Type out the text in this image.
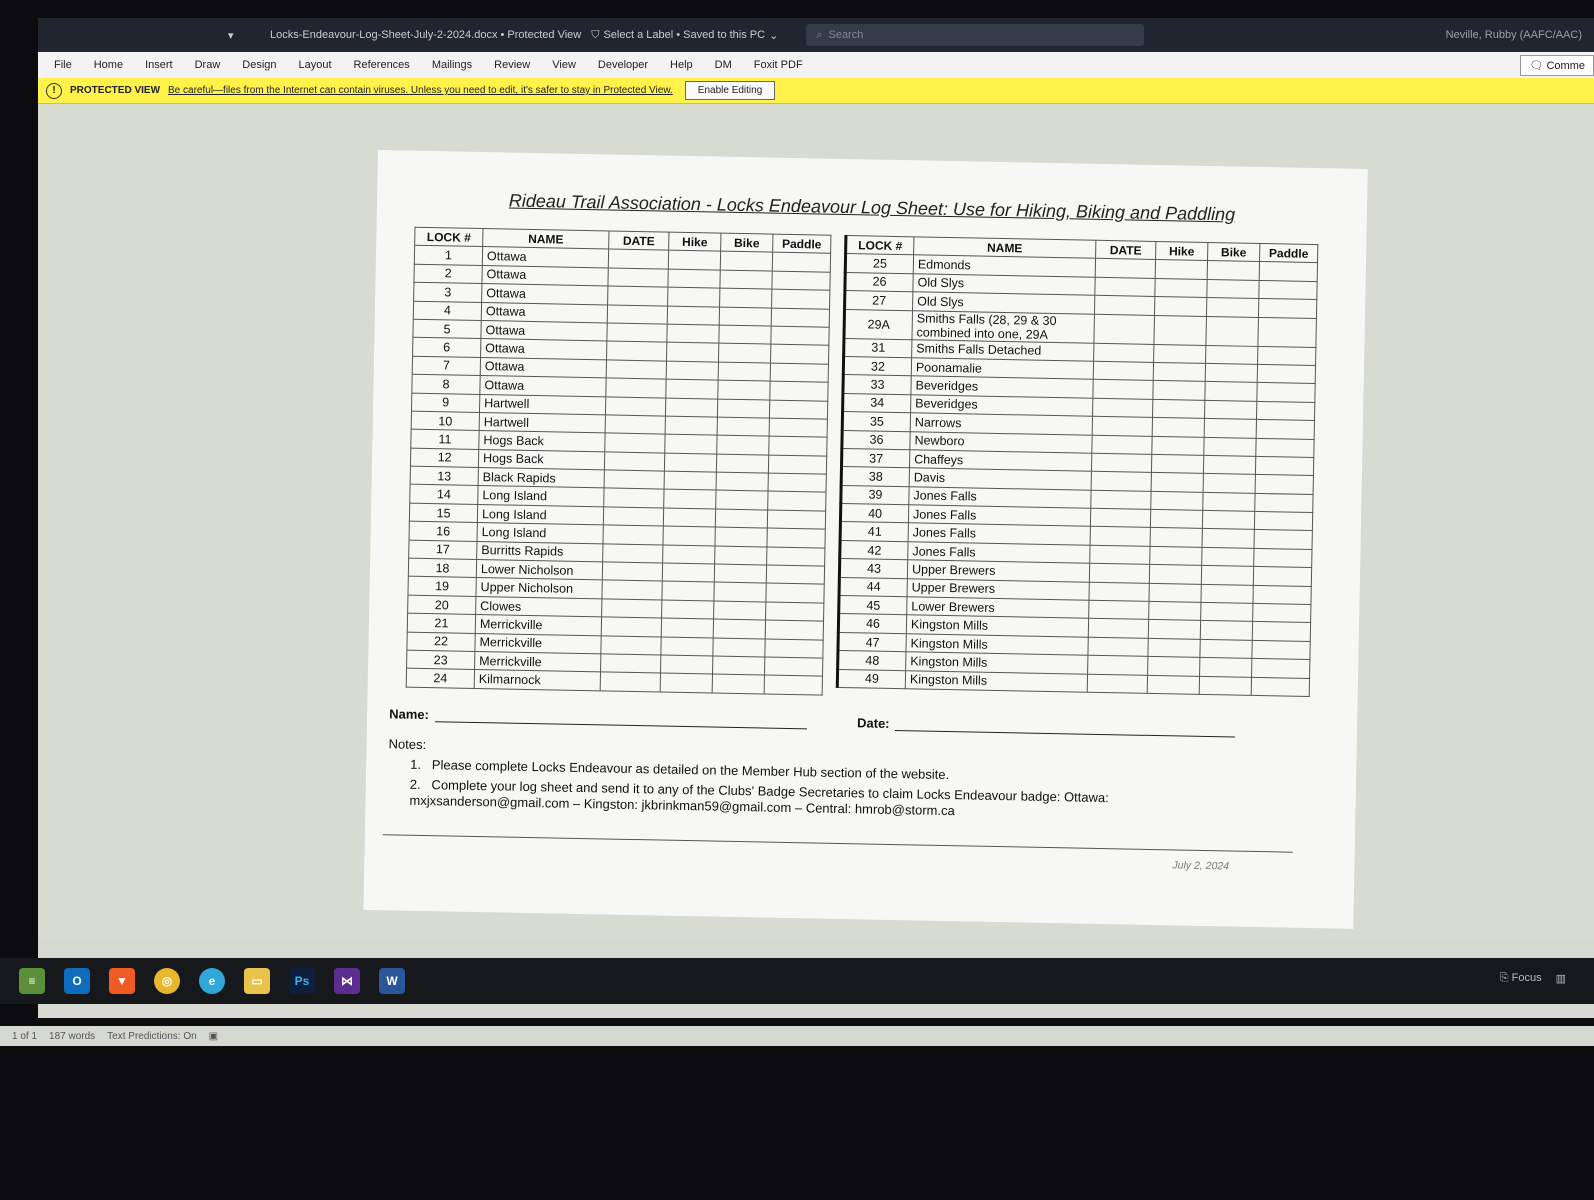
▾	Locks-Endeavour-Log-Sheet-July-2-2024.docx • Protected View ⛉ Select a Label • Saved to this PC ⌄	⌕ Search	Neville, Rubby (AAFC/AAC)
File Home Insert Draw Design Layout References Mailings Review View Developer Help DM Foxit PDF	🗨 Comme
!	PROTECTED VIEW Be careful—files from the Internet can contain viruses. Unless you need to edit, it's safer to stay in Protected View.	Enable Editing
Rideau Trail Association - Locks Endeavour Log Sheet: Use for Hiking, Biking and Paddling
LOCK #	NAME	DATE	Hike	Bike	Paddle
1	Ottawa				
2	Ottawa				
3	Ottawa				
4	Ottawa				
5	Ottawa				
6	Ottawa				
7	Ottawa				
8	Ottawa				
9	Hartwell				
10	Hartwell				
11	Hogs Back				
12	Hogs Back				
13	Black Rapids				
14	Long Island				
15	Long Island				
16	Long Island				
17	Burritts Rapids				
18	Lower Nicholson				
19	Upper Nicholson				
20	Clowes				
21	Merrickville				
22	Merrickville				
23	Merrickville				
24	Kilmarnock				
LOCK #	NAME	DATE	Hike	Bike	Paddle
25	Edmonds				
26	Old Slys				
27	Old Slys				
29A	Smiths Falls (28, 29 & 30 combined into one, 29A				
31	Smiths Falls Detached				
32	Poonamalie				
33	Beveridges				
34	Beveridges				
35	Narrows				
36	Newboro				
37	Chaffeys				
38	Davis				
39	Jones Falls				
40	Jones Falls				
41	Jones Falls				
42	Jones Falls				
43	Upper Brewers				
44	Upper Brewers				
45	Lower Brewers				
46	Kingston Mills				
47	Kingston Mills				
48	Kingston Mills				
49	Kingston Mills				
Name:
Date:
Notes:
1.   Please complete Locks Endeavour as detailed on the Member Hub section of the website.
2.   Complete your log sheet and send it to any of the Clubs' Badge Secretaries to claim Locks Endeavour badge: Ottawa: mxjxsanderson@gmail.com – Kingston: jkbrinkman59@gmail.com – Central: hmrob@storm.ca
July 2, 2024
1 of 1 187 words Text Predictions: On ▣
≡	O	▼	◎	e	▭	Ps	⋈	W	⎘ Focus ▥
